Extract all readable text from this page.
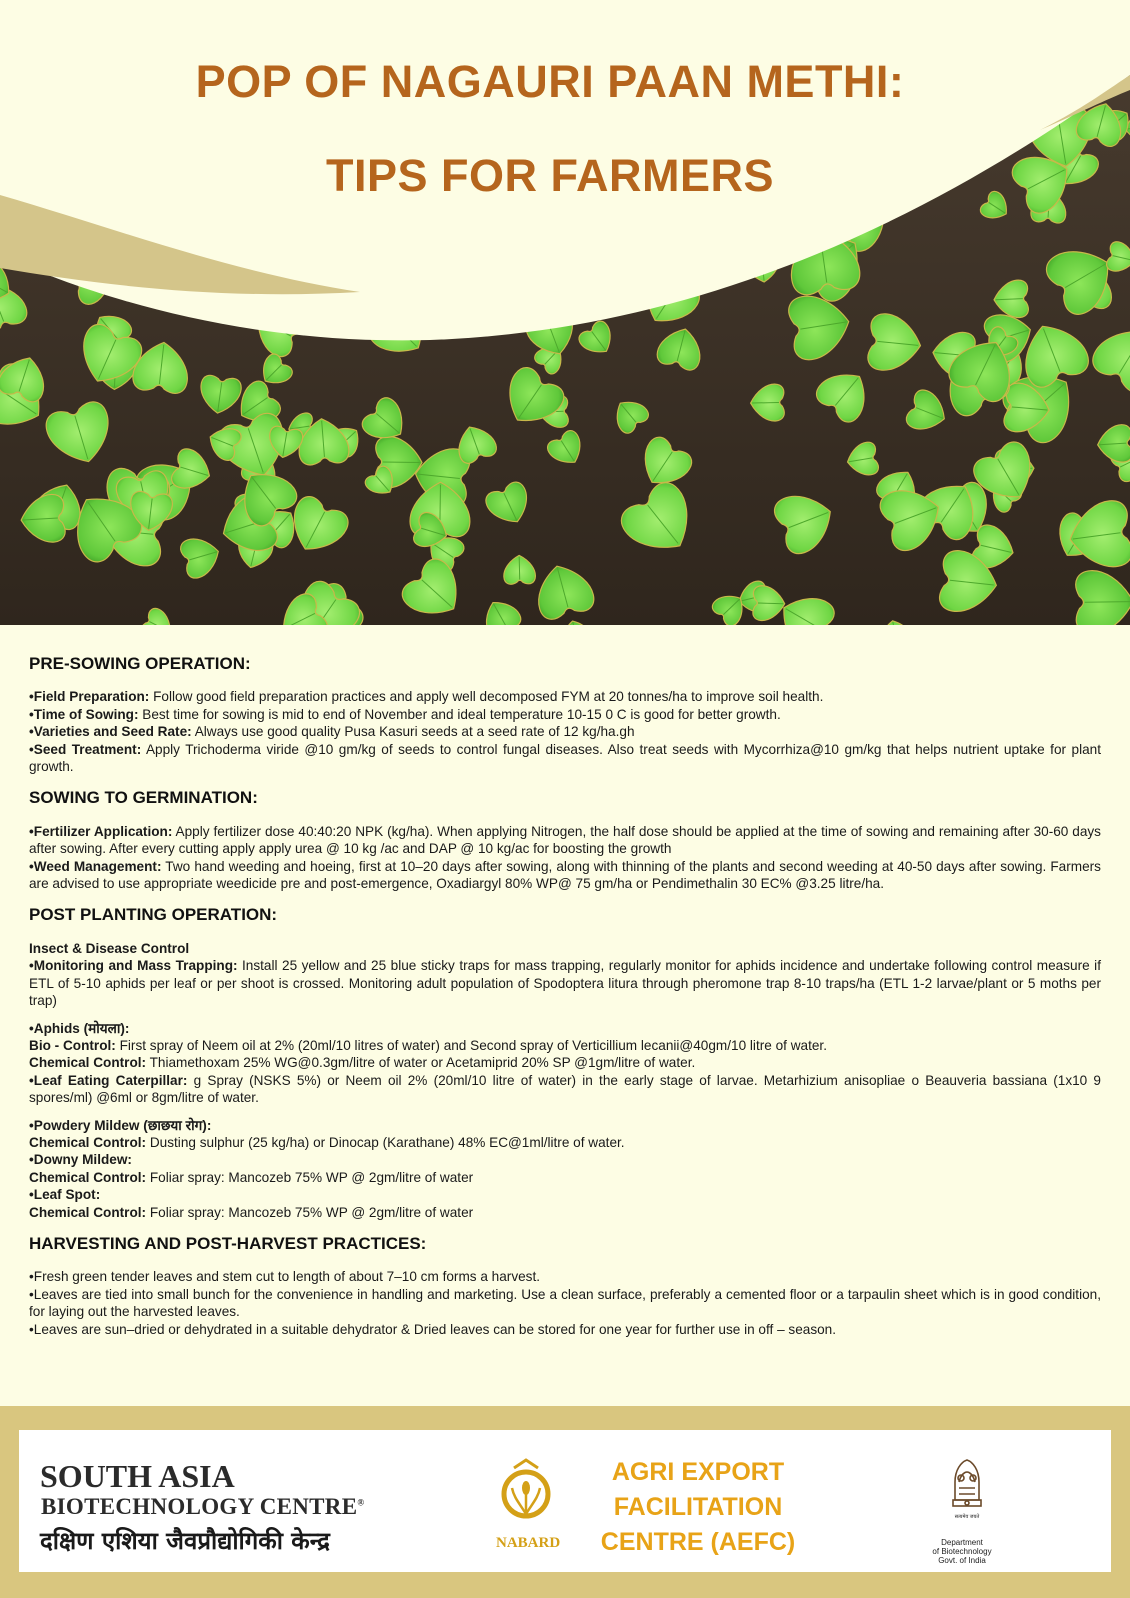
POP OF NAGAURI PAAN METHI:
TIPS FOR FARMERS
PRE-SOWING OPERATION:

•Field Preparation: Follow good field preparation practices and apply well decomposed FYM at 20 tonnes/ha to improve soil health.

•Time of Sowing: Best time for sowing is mid to end of November and ideal temperature 10-15 0 C is good for better growth.

•Varieties and Seed Rate: Always use good quality Pusa Kasuri seeds at a seed rate of 12 kg/ha.gh

•Seed Treatment: Apply Trichoderma viride @10 gm/kg of seeds to control fungal diseases. Also treat seeds with Mycorrhiza@10 gm/kg that helps nutrient uptake for plant growth.

SOWING TO GERMINATION:

•Fertilizer Application: Apply fertilizer dose 40:40:20 NPK (kg/ha). When applying Nitrogen, the half dose should be applied at the time of sowing and remaining after 30-60 days after sowing. After every cutting apply apply urea @ 10 kg /ac and DAP @ 10 kg/ac for boosting the growth

•Weed Management: Two hand weeding and hoeing, first at 10–20 days after sowing, along with thinning of the plants and second weeding at 40-50 days after sowing. Farmers are advised to use appropriate weedicide pre and post-emergence, Oxadiargyl 80% WP@ 75 gm/ha or Pendimethalin 30 EC% @3.25 litre/ha.

POST PLANTING OPERATION:

Insect & Disease Control

•Monitoring and Mass Trapping: Install 25 yellow and 25 blue sticky traps for mass trapping, regularly monitor for aphids incidence and undertake following control measure if ETL of 5-10 aphids per leaf or per shoot is crossed. Monitoring adult population of Spodoptera litura through pheromone trap 8-10 traps/ha (ETL 1-2 larvae/plant or 5 moths per trap)

•Aphids (मोयला):

Bio - Control: First spray of Neem oil at 2% (20ml/10 litres of water) and Second spray of Verticillium lecanii@40gm/10 litre of water.

Chemical Control: Thiamethoxam 25% WG@0.3gm/litre of water or Acetamiprid 20% SP @1gm/litre of water.

•Leaf Eating Caterpillar: g Spray (NSKS 5%) or Neem oil 2% (20ml/10 litre of water) in the early stage of larvae. Metarhizium anisopliae o Beauveria bassiana (1x10 9 spores/ml) @6ml or 8gm/litre of water.

•Powdery Mildew (छाछया रोग):

Chemical Control: Dusting sulphur (25 kg/ha) or Dinocap (Karathane) 48% EC@1ml/litre of water.

•Downy Mildew:

Chemical Control: Foliar spray: Mancozeb 75% WP @ 2gm/litre of water

•Leaf Spot:

Chemical Control: Foliar spray: Mancozeb 75% WP @ 2gm/litre of water

HARVESTING AND POST-HARVEST PRACTICES:

•Fresh green tender leaves and stem cut to length of about 7–10 cm forms a harvest.

•Leaves are tied into small bunch for the convenience in handling and marketing. Use a clean surface, preferably a cemented floor or a tarpaulin sheet which is in good condition, for laying out the harvested leaves.

•Leaves are sun–dried or dehydrated in a suitable dehydrator & Dried leaves can be stored for one year for further use in off – season.

SOUTH ASIA
BIOTECHNOLOGY CENTRE®
दक्षिण एशिया जैवप्रौद्योगिकी केन्द्र	NABARD
AGRI EXPORT
FACILITATION
CENTRE (AEFC)
सत्यमेव जयते
Department
of Biotechnology
Govt. of India
